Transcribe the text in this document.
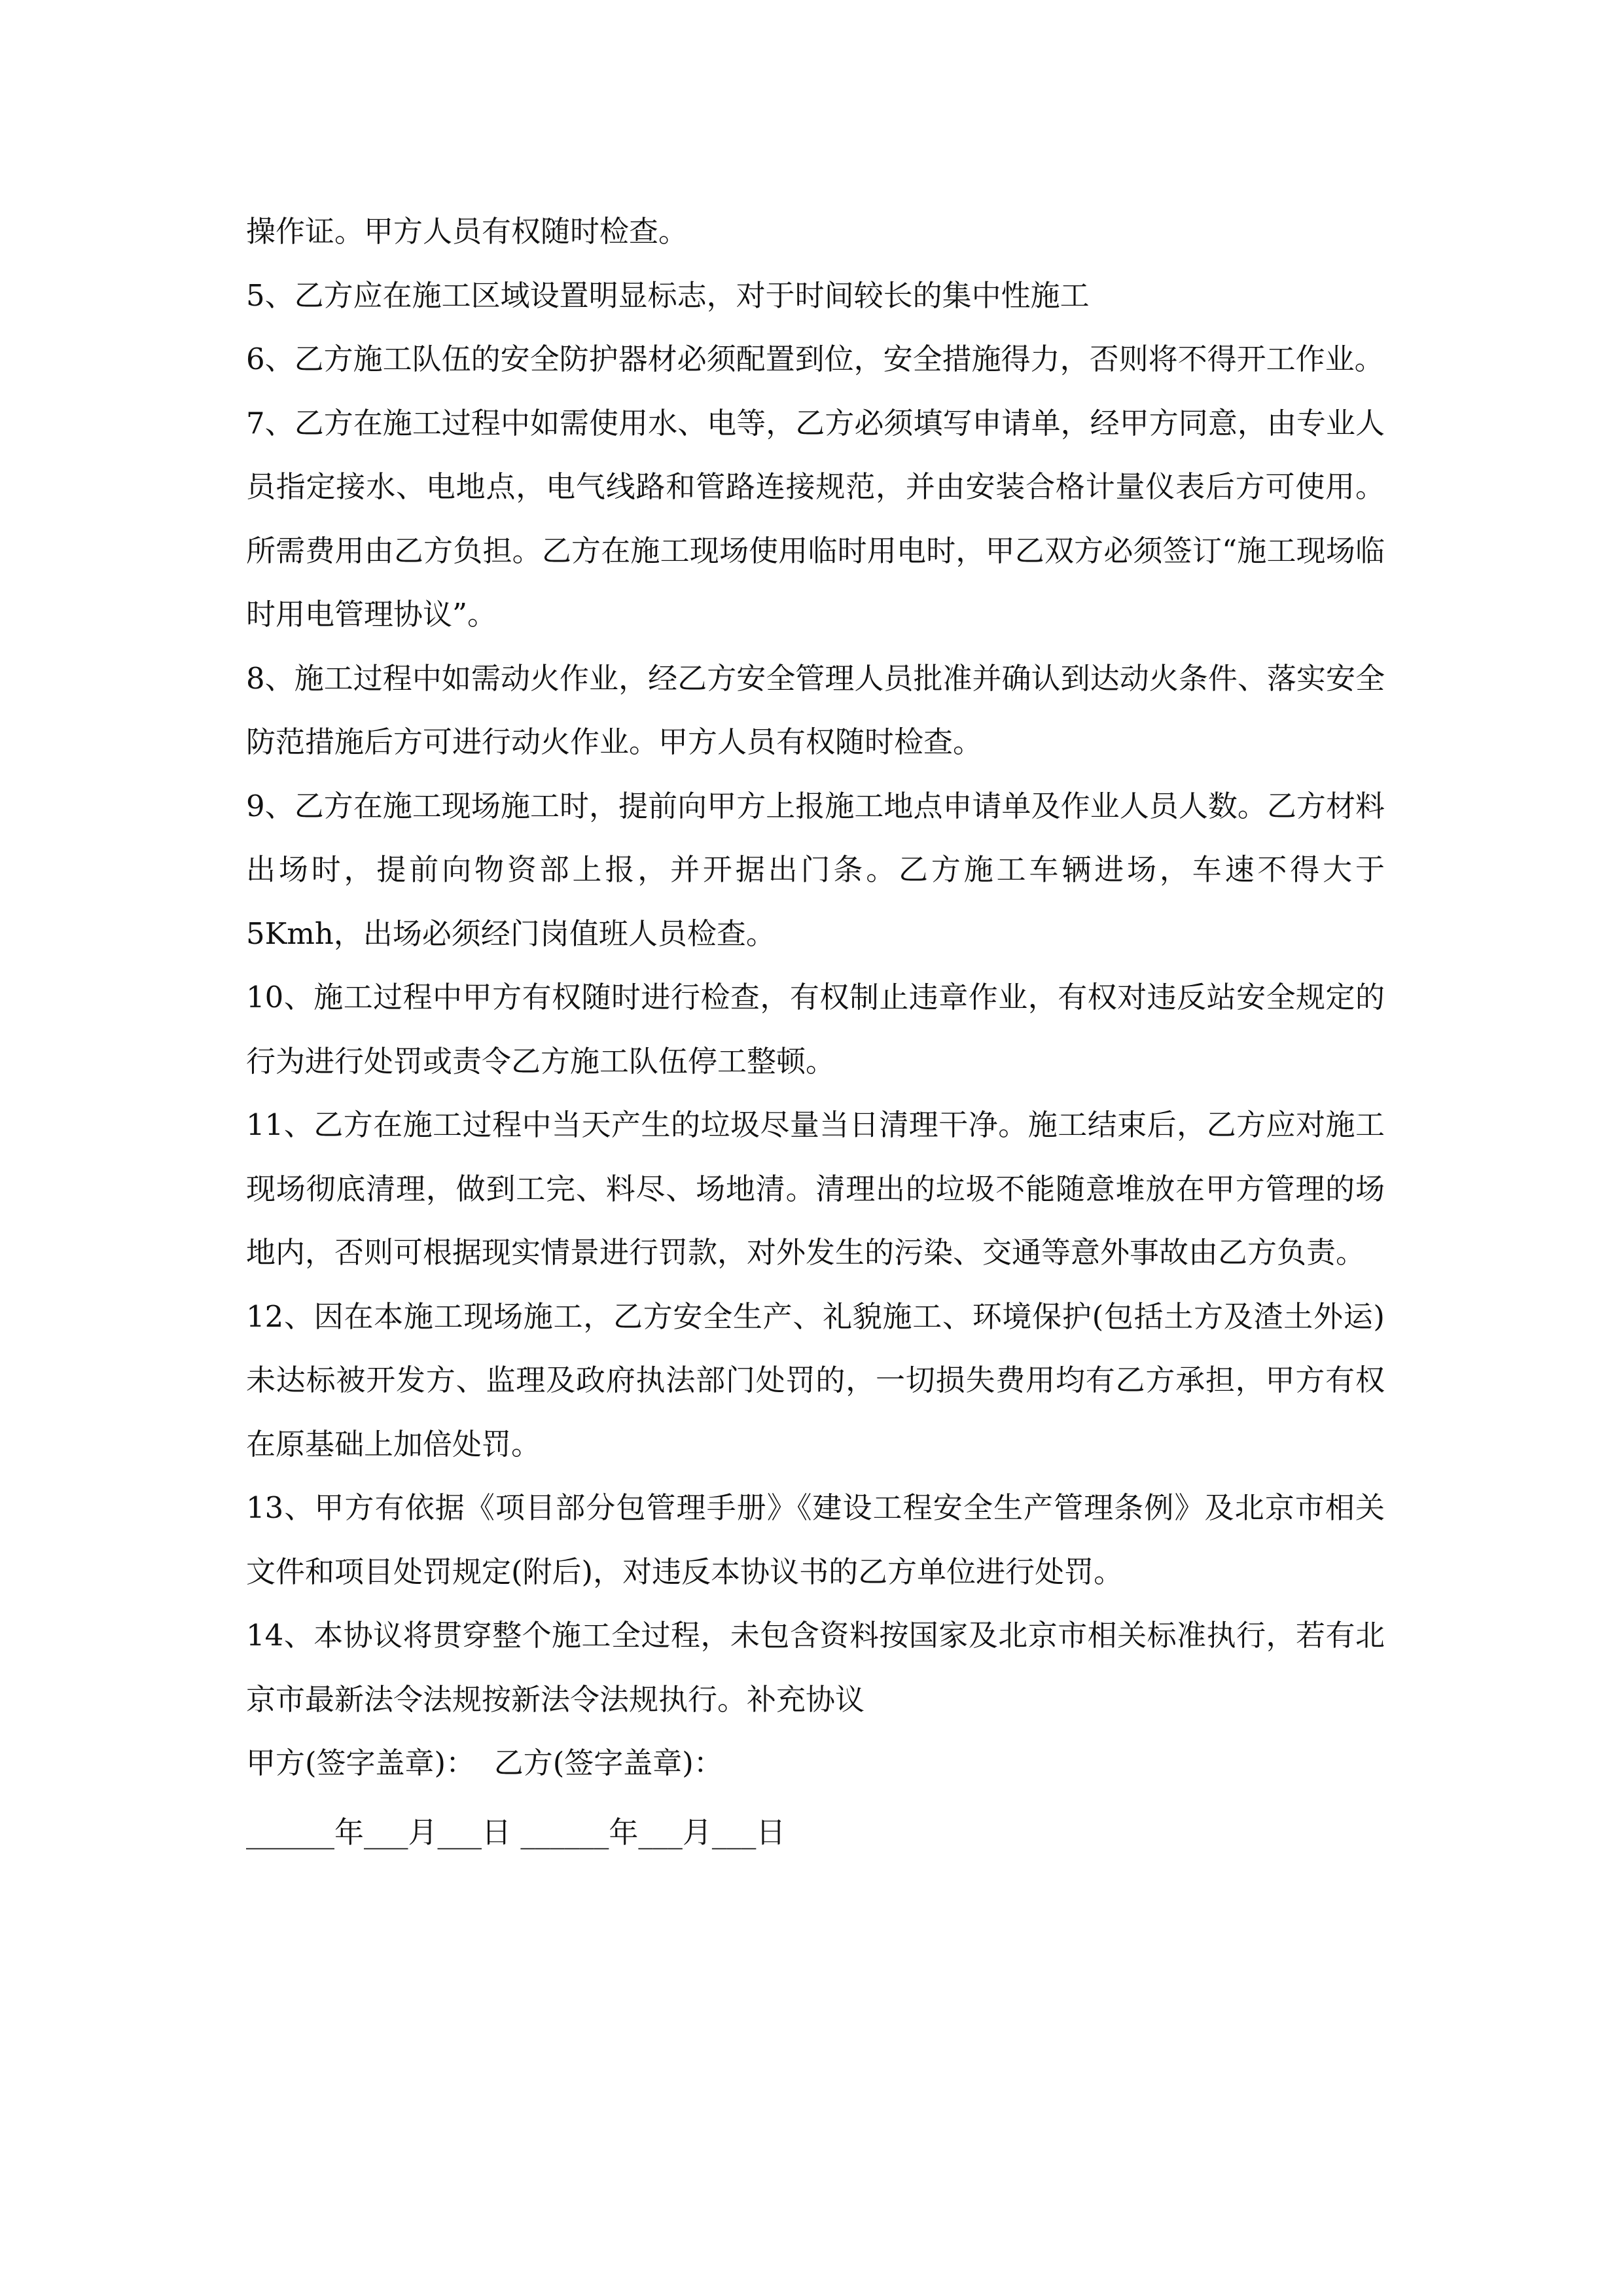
操作证。甲方人员有权随时检查。

5、乙方应在施工区域设置明显标志，对于时间较长的集中性施工

6、乙方施工队伍的安全防护器材必须配置到位，安全措施得力，否则将不得开工作业。

7、乙方在施工过程中如需使用水、电等，乙方必须填写申请单，经甲方同意，由专业人员指定接水、电地点，电气线路和管路连接规范，并由安装合格计量仪表后方可使用。所需费用由乙方负担。乙方在施工现场使用临时用电时，甲乙双方必须签订“施工现场临时用电管理协议”。

8、施工过程中如需动火作业，经乙方安全管理人员批准并确认到达动火条件、落实安全防范措施后方可进行动火作业。甲方人员有权随时检查。

9、乙方在施工现场施工时，提前向甲方上报施工地点申请单及作业人员人数。乙方材料出场时，提前向物资部上报，并开据出门条。乙方施工车辆进场，车速不得大于5Kmh，出场必须经门岗值班人员检查。

10、施工过程中甲方有权随时进行检查，有权制止违章作业，有权对违反站安全规定的行为进行处罚或责令乙方施工队伍停工整顿。

11、乙方在施工过程中当天产生的垃圾尽量当日清理干净。施工结束后，乙方应对施工现场彻底清理，做到工完、料尽、场地清。清理出的垃圾不能随意堆放在甲方管理的场地内，否则可根据现实情景进行罚款，对外发生的污染、交通等意外事故由乙方负责。

12、因在本施工现场施工，乙方安全生产、礼貌施工、环境保护(包括土方及渣土外运)未达标被开发方、监理及政府执法部门处罚的，一切损失费用均有乙方承担，甲方有权在原基础上加倍处罚。

13、甲方有依据《项目部分包管理手册》《建设工程安全生产管理条例》及北京市相关文件和项目处罚规定(附后)，对违反本协议书的乙方单位进行处罚。

14、本协议将贯穿整个施工全过程，未包含资料按国家及北京市相关标准执行，若有北京市最新法令法规按新法令法规执行。补充协议

甲方(签字盖章)： 乙方(签字盖章)：

______年___月___日 ______年___月___日
